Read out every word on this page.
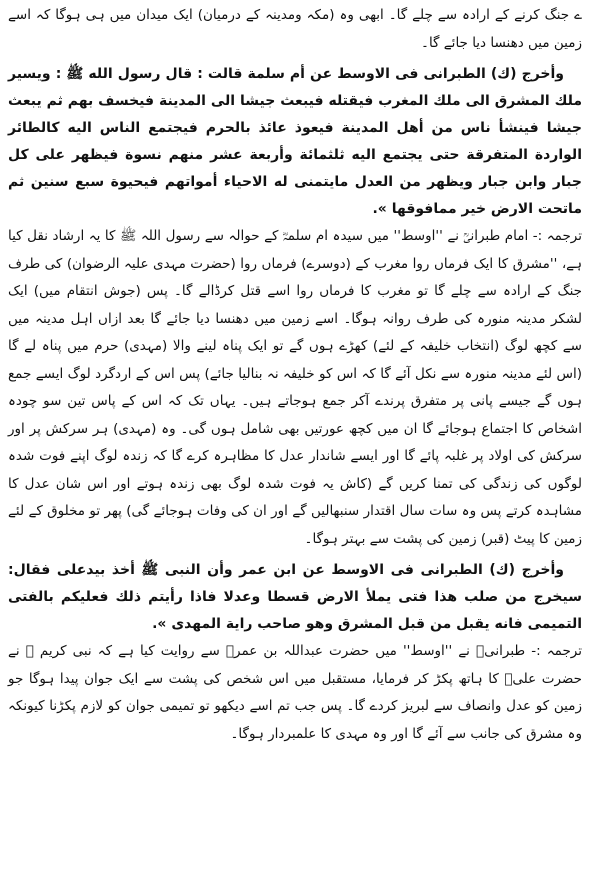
ے جنگ کرنے کے ارادہ سے چلے گا۔ ابھی وہ (مکہ ومدینہ کے درمیان) ایک میدان میں ہی ہوگا کہ اسے زمین میں دھنسا دیا جائے گا۔

وأخرج (ك) الطبرانى فى الاوسط عن أم سلمة قالت : قال رسول الله ﷺ : ويسير ملك المشرق الى ملك المغرب فيقتله فيبعث جيشا الى المدينة فيخسف بهم ثم يبعث جيشا فينشأ ناس من أهل المدينة فيعوذ عائذ بالحرم فيجتمع الناس اليه كالطائر الواردة المتفرقة حتى يجتمع اليه ثلثمائة وأربعة عشر منهم نسوة فيظهر على كل جبار وابن جبار ويظهر من العدل مايتمنى له الاحياء أمواتهم فيحيوة سبع سنين ثم ماتحت الارض خير ممافوقها ».

ترجمہ :- امام طبرانیؒ نے ''اوسط'' میں سیدہ ام سلمہؓ کے حوالہ سے رسول اللہ ﷺ کا یہ ارشاد نقل کیا ہے، ''مشرق کا ایک فرماں روا مغرب کے (دوسرے) فرماں روا (حضرت مہدی علیہ الرضوان) کی طرف جنگ کے ارادہ سے چلے گا تو مغرب کا فرماں روا اسے قتل کرڈالے گا۔ پس (جوش انتقام میں) ایک لشکر مدینہ منورہ کی طرف روانہ ہوگا۔ اسے زمین میں دھنسا دیا جائے گا بعد ازاں اہل مدینہ میں سے کچھ لوگ (انتخاب خلیفہ کے لئے) کھڑے ہوں گے تو ایک پناہ لینے والا (مہدی) حرم میں پناہ لے گا (اس لئے مدینہ منورہ سے نکل آئے گا کہ اس کو خلیفہ نہ بنالیا جائے) پس اس کے اردگرد لوگ ایسے جمع ہوں گے جیسے پانی پر متفرق پرندے آکر جمع ہوجاتے ہیں۔ یہاں تک کہ اس کے پاس تین سو چودہ اشخاص کا اجتماع ہوجائے گا ان میں کچھ عورتیں بھی شامل ہوں گی۔ وہ (مہدی) ہر سرکش پر اور سرکش کی اولاد پر غلبہ پائے گا اور ایسے شاندار عدل کا مظاہرہ کرے گا کہ زندہ لوگ اپنے فوت شدہ لوگوں کی زندگی کی تمنا کریں گے (کاش یہ فوت شدہ لوگ بھی زندہ ہوتے اور اس شان عدل کا مشاہدہ کرتے پس وہ سات سال اقتدار سنبھالیں گے اور ان کی وفات ہوجائے گی) پھر تو مخلوق کے لئے زمین کا پیٹ (قبر) زمین کی پشت سے بہتر ہوگا۔

وأخرج (ك) الطبرانى فى الاوسط عن ابن عمر وأن النبى ﷺ أخذ بيدعلى فقال: سيخرج من صلب هذا فتى يملأ الارض قسطا وعدلا فاذا رأيتم ذلك فعليكم بالفتى التميمى فانه يقبل من قبل المشرق وهو صاحب راية المهدى ».

ترجمہ :- طبرانیؒ نے ''اوسط'' میں حضرت عبداللہ بن عمرؓ سے روایت کیا ہے کہ نبی کریم ﷺ نے حضرت علیؓ کا ہاتھ پکڑ کر فرمایا، مستقبل میں اس شخص کی پشت سے ایک جوان پیدا ہوگا جو زمین کو عدل وانصاف سے لبریز کردے گا۔ پس جب تم اسے دیکھو تو تمیمی جوان کو لازم پکڑنا کیونکہ وہ مشرق کی جانب سے آئے گا اور وہ مہدی کا علمبردار ہوگا۔
